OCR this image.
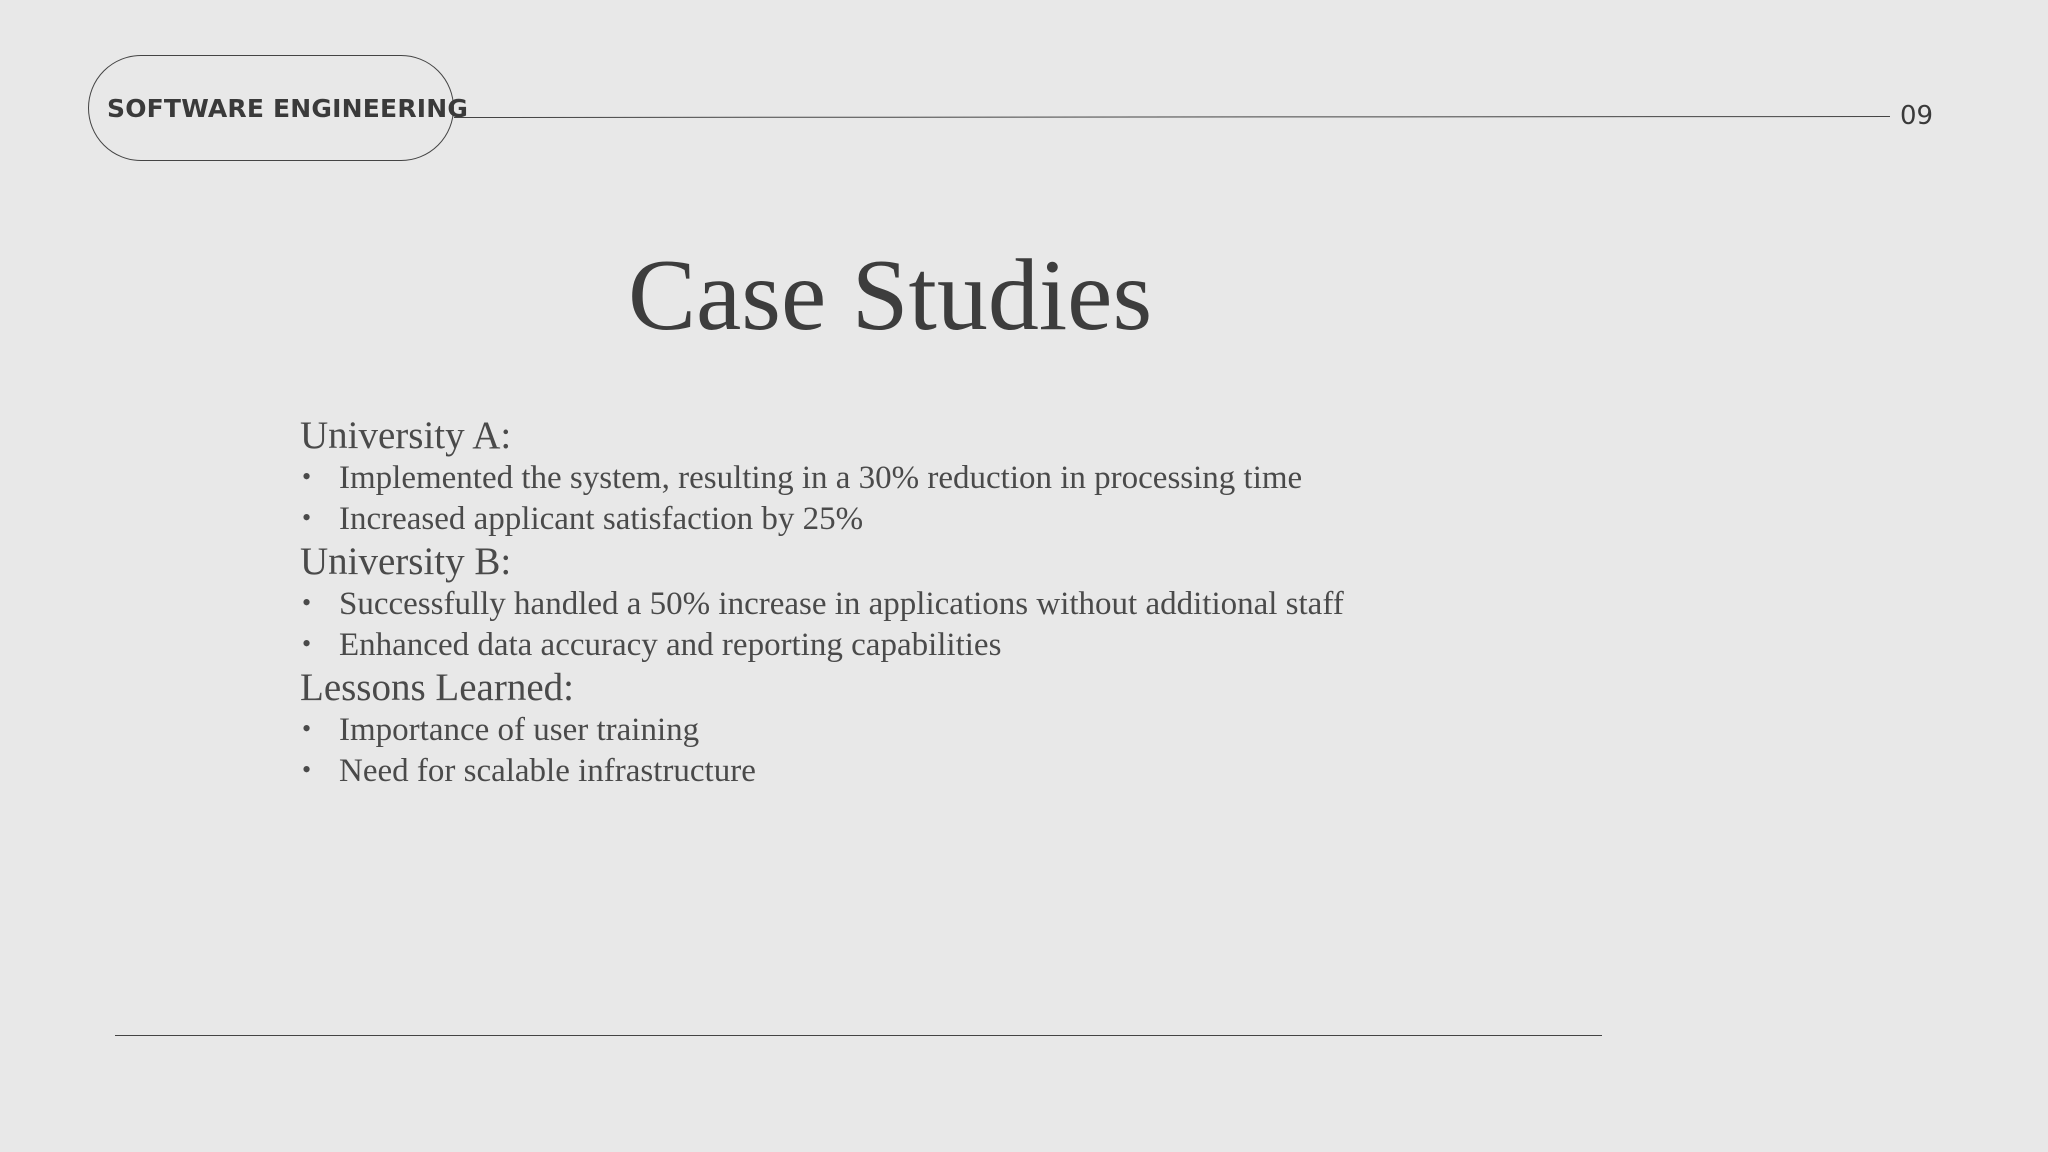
SOFTWARE ENGINEERING	09
Case Studies

University A:

• Implemented the system, resulting in a 30% reduction in processing time
• Increased applicant satisfaction by 25%

University B:

• Successfully handled a 50% increase in applications without additional staff
• Enhanced data accuracy and reporting capabilities

Lessons Learned:

• Importance of user training
• Need for scalable infrastructure
